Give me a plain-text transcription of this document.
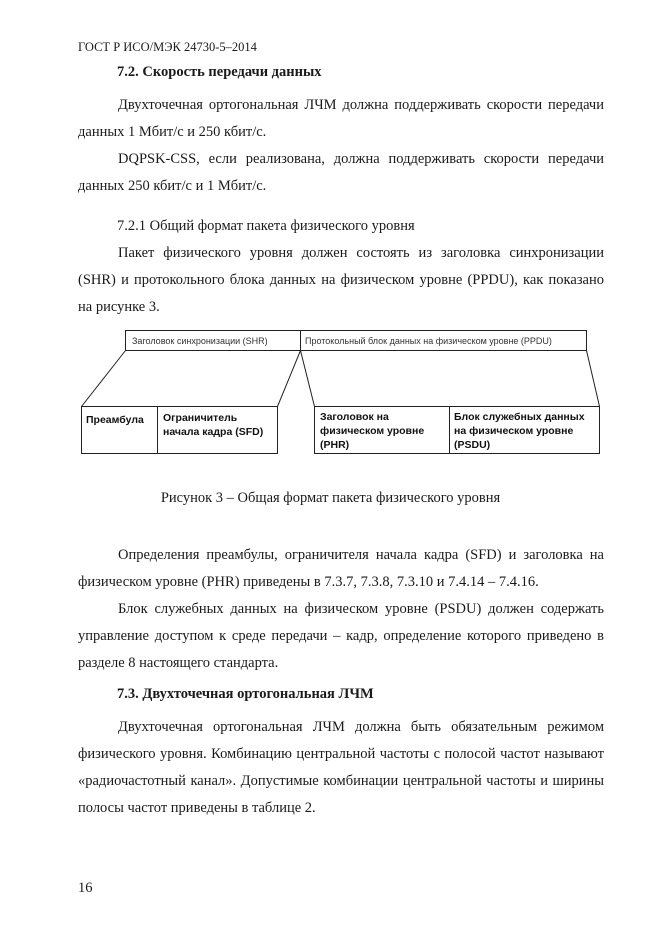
ГОСТ Р ИСО/МЭК 24730-5–2014
7.2. Скорость передачи данных

Двухточечная ортогональная ЛЧМ должна поддерживать скорости передачи данных 1 Мбит/с и 250 кбит/с.

DQPSK-CSS, если реализована, должна поддерживать скорости передачи данных 250 кбит/с и 1 Мбит/с.

7.2.1 Общий формат пакета физического уровня

Пакет физического уровня должен состоять из заголовка синхронизации (SHR) и протокольного блока данных на физическом уровне (PPDU), как показано на рисунке 3.

Заголовок синхронизации (SHR)	Протокольный блок данных на физическом уровне (PPDU)
Преамбула Ограничитель
начала кадра (SFD)
Заголовок на
физическом уровне
(PHR)
Блок служебных данных
на физическом уровне
(PSDU)
Рисунок 3 – Общая формат пакета физического уровня

Определения преамбулы, ограничителя начала кадра (SFD) и заголовка на физическом уровне (PHR) приведены в 7.3.7, 7.3.8, 7.3.10 и 7.4.14 – 7.4.16.

Блок служебных данных на физическом уровне (PSDU) должен содержать управление доступом к среде передачи – кадр, определение которого приведено в разделе 8 настоящего стандарта.

7.3. Двухточечная ортогональная ЛЧМ

Двухточечная ортогональная ЛЧМ должна быть обязательным режимом физического уровня. Комбинацию центральной частоты с полосой частот называют «радиочастотный канал». Допустимые комбинации центральной частоты и ширины полосы частот приведены в таблице 2.

16
